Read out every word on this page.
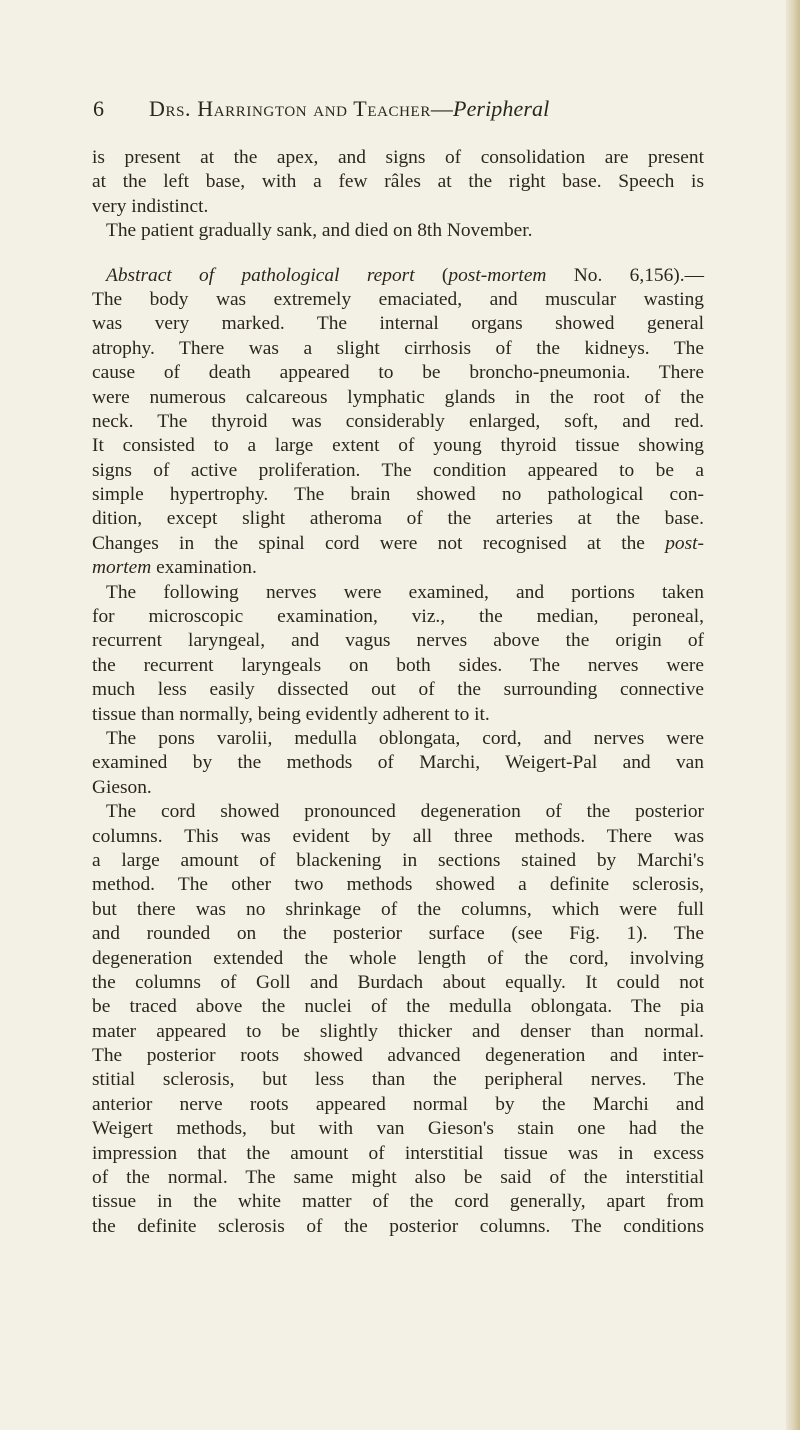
6 Drs. Harrington and Teacher—Peripheral
is present at the apex, and signs of consolidation are present
at the left base, with a few râles at the right base. Speech is
very indistinct.
The patient gradually sank, and died on 8th November.
Abstract of pathological report (post-mortem No. 6,156).—
The body was extremely emaciated, and muscular wasting
was very marked. The internal organs showed general
atrophy. There was a slight cirrhosis of the kidneys. The
cause of death appeared to be broncho-pneumonia. There
were numerous calcareous lymphatic glands in the root of the
neck. The thyroid was considerably enlarged, soft, and red.
It consisted to a large extent of young thyroid tissue showing
signs of active proliferation. The condition appeared to be a
simple hypertrophy. The brain showed no pathological con-
dition, except slight atheroma of the arteries at the base.
Changes in the spinal cord were not recognised at the post-
mortem examination.
The following nerves were examined, and portions taken
for microscopic examination, viz., the median, peroneal,
recurrent laryngeal, and vagus nerves above the origin of
the recurrent laryngeals on both sides. The nerves were
much less easily dissected out of the surrounding connective
tissue than normally, being evidently adherent to it.
The pons varolii, medulla oblongata, cord, and nerves were
examined by the methods of Marchi, Weigert-Pal and van
Gieson.
The cord showed pronounced degeneration of the posterior
columns. This was evident by all three methods. There was
a large amount of blackening in sections stained by Marchi's
method. The other two methods showed a definite sclerosis,
but there was no shrinkage of the columns, which were full
and rounded on the posterior surface (see Fig. 1). The
degeneration extended the whole length of the cord, involving
the columns of Goll and Burdach about equally. It could not
be traced above the nuclei of the medulla oblongata. The pia
mater appeared to be slightly thicker and denser than normal.
The posterior roots showed advanced degeneration and inter-
stitial sclerosis, but less than the peripheral nerves. The
anterior nerve roots appeared normal by the Marchi and
Weigert methods, but with van Gieson's stain one had the
impression that the amount of interstitial tissue was in excess
of the normal. The same might also be said of the interstitial
tissue in the white matter of the cord generally, apart from
the definite sclerosis of the posterior columns. The conditions
